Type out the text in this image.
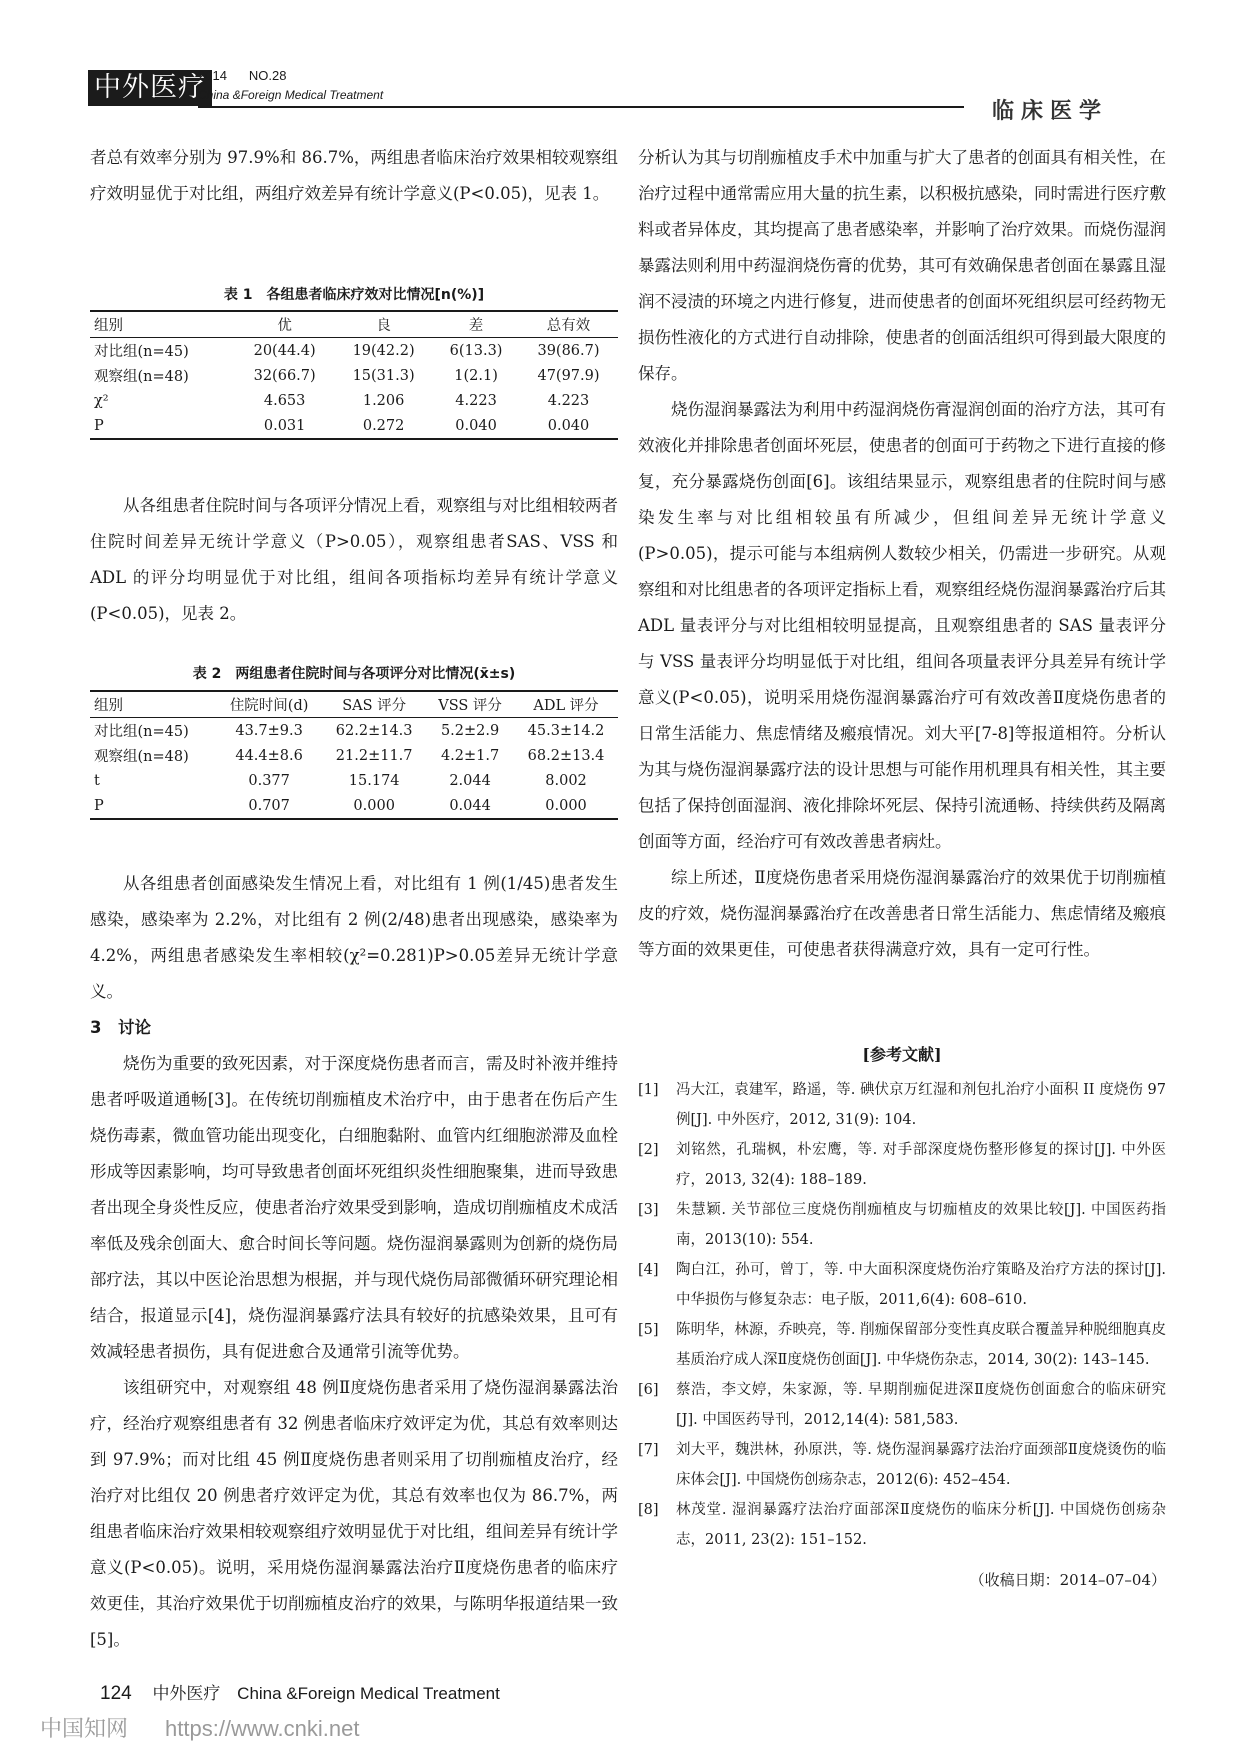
中外医疗
2014 NO.28
China &Foreign Medical Treatment
临床医学

者总有效率分别为 97.9%和 86.7%，两组患者临床治疗效果相较观察组疗效明显优于对比组，两组疗效差异有统计学意义(P<0.05)，见表 1。

表 1　各组患者临床疗效对比情况[n(%)]
组别	优	良	差	总有效
对比组(n=45)	20(44.4)	19(42.2)	6(13.3)	39(86.7)
观察组(n=48)	32(66.7)	15(31.3)	1(2.1)	47(97.9)
χ²	4.653	1.206	4.223	4.223
P	0.031	0.272	0.040	0.040

从各组患者住院时间与各项评分情况上看，观察组与对比组相较两者住院时间差异无统计学意义（P>0.05），观察组患者SAS、VSS 和 ADL 的评分均明显优于对比组，组间各项指标均差异有统计学意义(P<0.05)，见表 2。

表 2　两组患者住院时间与各项评分对比情况(x̄±s)
组别	住院时间(d)	SAS 评分	VSS 评分	ADL 评分
对比组(n=45)	43.7±9.3	62.2±14.3	5.2±2.9	45.3±14.2
观察组(n=48)	44.4±8.6	21.2±11.7	4.2±1.7	68.2±13.4
t	0.377	15.174	2.044	8.002
P	0.707	0.000	0.044	0.000

从各组患者创面感染发生情况上看，对比组有 1 例(1/45)患者发生感染，感染率为 2.2%，对比组有 2 例(2/48)患者出现感染，感染率为 4.2%，两组患者感染发生率相较(χ²=0.281)P>0.05差异无统计学意义。

3　讨论

烧伤为重要的致死因素，对于深度烧伤患者而言，需及时补液并维持患者呼吸道通畅[3]。在传统切削痂植皮术治疗中，由于患者在伤后产生烧伤毒素，微血管功能出现变化，白细胞黏附、血管内红细胞淤滞及血栓形成等因素影响，均可导致患者创面坏死组织炎性细胞聚集，进而导致患者出现全身炎性反应，使患者治疗效果受到影响，造成切削痂植皮术成活率低及残余创面大、愈合时间长等问题。烧伤湿润暴露则为创新的烧伤局部疗法，其以中医论治思想为根据，并与现代烧伤局部微循环研究理论相结合，报道显示[4]，烧伤湿润暴露疗法具有较好的抗感染效果，且可有效减轻患者损伤，具有促进愈合及通常引流等优势。

该组研究中，对观察组 48 例Ⅱ度烧伤患者采用了烧伤湿润暴露法治疗，经治疗观察组患者有 32 例患者临床疗效评定为优，其总有效率则达到 97.9%；而对比组 45 例Ⅱ度烧伤患者则采用了切削痂植皮治疗，经治疗对比组仅 20 例患者疗效评定为优，其总有效率也仅为 86.7%，两组患者临床治疗效果相较观察组疗效明显优于对比组，组间差异有统计学意义(P<0.05)。说明，采用烧伤湿润暴露法治疗Ⅱ度烧伤患者的临床疗效更佳，其治疗效果优于切削痂植皮治疗的效果，与陈明华报道结果一致[5]。

分析认为其与切削痂植皮手术中加重与扩大了患者的创面具有相关性，在治疗过程中通常需应用大量的抗生素，以积极抗感染，同时需进行医疗敷料或者异体皮，其均提高了患者感染率，并影响了治疗效果。而烧伤湿润暴露法则利用中药湿润烧伤膏的优势，其可有效确保患者创面在暴露且湿润不浸渍的环境之内进行修复，进而使患者的创面坏死组织层可经药物无损伤性液化的方式进行自动排除，使患者的创面活组织可得到最大限度的保存。

烧伤湿润暴露法为利用中药湿润烧伤膏湿润创面的治疗方法，其可有效液化并排除患者创面坏死层，使患者的创面可于药物之下进行直接的修复，充分暴露烧伤创面[6]。该组结果显示，观察组患者的住院时间与感染发生率与对比组相较虽有所减少，但组间差异无统计学意义(P>0.05)，提示可能与本组病例人数较少相关，仍需进一步研究。从观察组和对比组患者的各项评定指标上看，观察组经烧伤湿润暴露治疗后其 ADL 量表评分与对比组相较明显提高，且观察组患者的 SAS 量表评分与 VSS 量表评分均明显低于对比组，组间各项量表评分具差异有统计学意义(P<0.05)，说明采用烧伤湿润暴露治疗可有效改善Ⅱ度烧伤患者的日常生活能力、焦虑情绪及瘢痕情况。刘大平[7-8]等报道相符。分析认为其与烧伤湿润暴露疗法的设计思想与可能作用机理具有相关性，其主要包括了保持创面湿润、液化排除坏死层、保持引流通畅、持续供药及隔离创面等方面，经治疗可有效改善患者病灶。

综上所述，Ⅱ度烧伤患者采用烧伤湿润暴露治疗的效果优于切削痂植皮的疗效，烧伤湿润暴露治疗在改善患者日常生活能力、焦虑情绪及瘢痕等方面的效果更佳，可使患者获得满意疗效，具有一定可行性。

[参考文献]
[1] 冯大江，袁建军，路遥，等. 碘伏京万红湿和剂包扎治疗小面积 II 度烧伤 97 例[J]. 中外医疗，2012, 31(9): 104.
[2] 刘铭然，孔瑞枫，朴宏鹰，等. 对手部深度烧伤整形修复的探讨[J]. 中外医疗，2013, 32(4): 188–189.
[3] 朱慧颖. 关节部位三度烧伤削痂植皮与切痂植皮的效果比较[J]. 中国医药指南，2013(10): 554.
[4] 陶白江，孙可，曾丁，等. 中大面积深度烧伤治疗策略及治疗方法的探讨[J]. 中华损伤与修复杂志：电子版，2011,6(4): 608–610.
[5] 陈明华，林源，乔映亮，等. 削痂保留部分变性真皮联合覆盖异种脱细胞真皮基质治疗成人深Ⅱ度烧伤创面[J]. 中华烧伤杂志，2014, 30(2): 143–145.
[6] 蔡浩，李文婷，朱家源，等. 早期削痂促进深Ⅱ度烧伤创面愈合的临床研究[J]. 中国医药导刊，2012,14(4): 581,583.
[7] 刘大平，魏洪林，孙原洪，等. 烧伤湿润暴露疗法治疗面颈部Ⅱ度烧烫伤的临床体会[J]. 中国烧伤创疡杂志，2012(6): 452–454.
[8] 林茂堂. 湿润暴露疗法治疗面部深Ⅱ度烧伤的临床分析[J]. 中国烧伤创疡杂志，2011, 23(2): 151–152.
（收稿日期：2014–07–04）
124 中外医疗 China &Foreign Medical Treatment
中国知网 https://www.cnki.net
